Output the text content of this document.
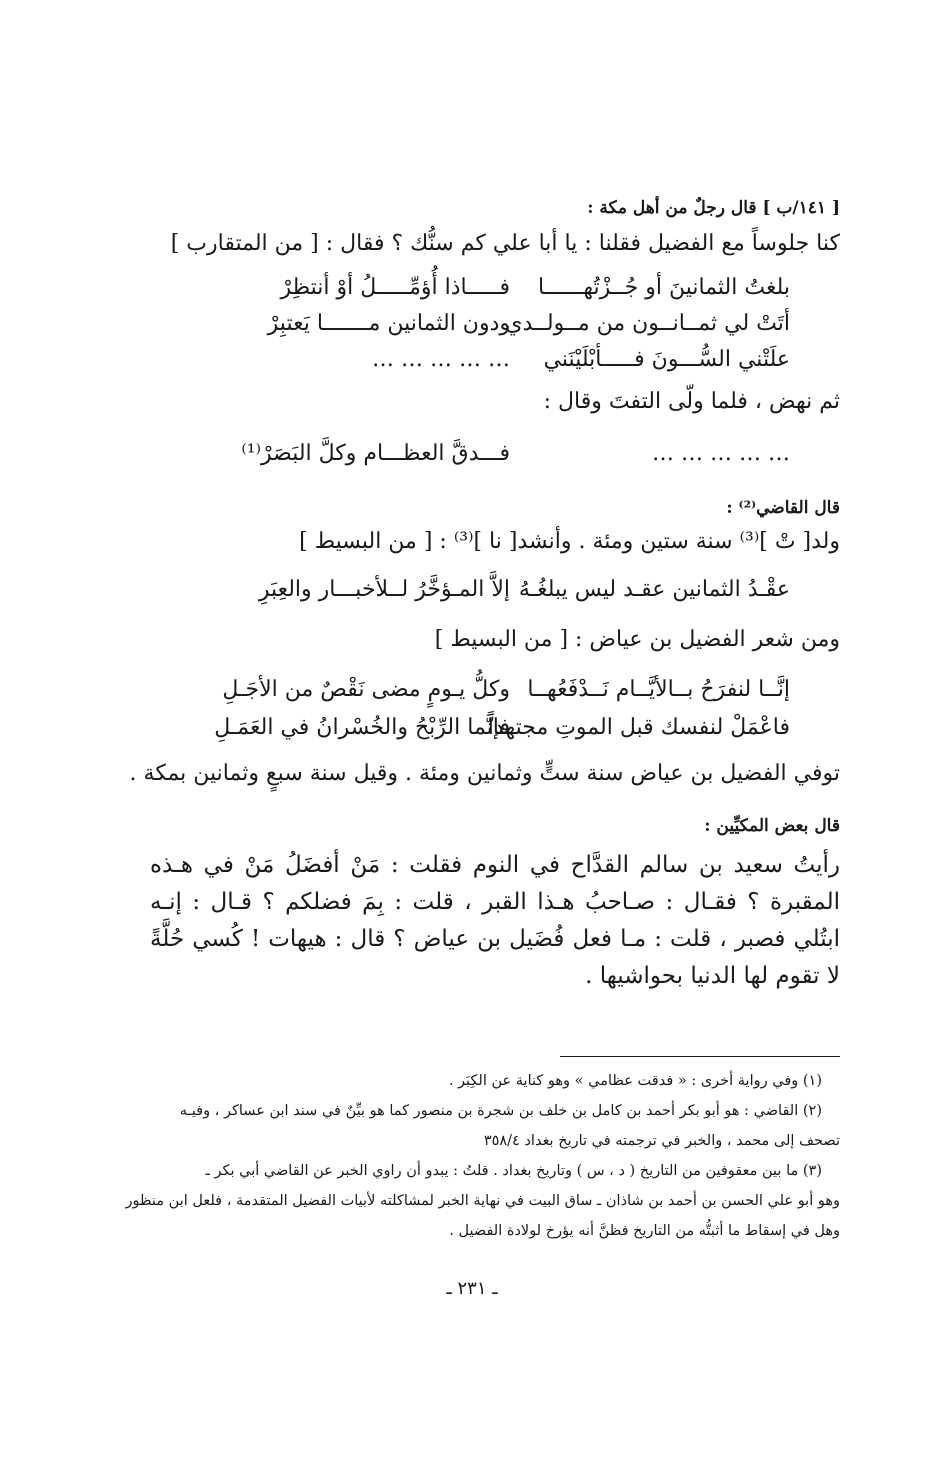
[ ١٤١/ب ] قال رجلٌ من أهل مكة :
كنا جلوساً مع الفضيل فقلنا : يا أبا علي كم سنُّك ؟ فقال : [ من المتقارب ]
بلغتُ الثمانينَ أو جُــزْتُهــــــا
فـــــاذا أُؤمِّـــــلُ أوْ أنتظِرْ
أتَتْ لي ثمــانــون من مــولــدي
ودون الثمانين مـــــــا يَعتبِرْ
علَتْني السُّـــونَ فـــــأبْلَيْنَني
… … … … …
ثم نهض ، فلما ولّى التفتَ وقال :
… … … … …
فـــدقَّ العظـــام وكلَّ البَصَرْ⁽¹⁾
قال القاضي⁽²⁾ :
ولد[ تْ ]⁽³⁾ سنة ستين ومئة . وأنشد[ نا ]⁽³⁾ : [ من البسيط ]
عقْـدُ الثمانين عقـد ليس يبلغُـهُ
إلاَّ المـؤخَّرُ لــلأخبـــار والعِبَرِ
ومن شعر الفضيل بن عياض : [ من البسيط ]
إنَّــا لنفرَحُ بــالأيَّــام نَــدْفَعُهــا
وكلُّ يـومٍ مضى نَقْصٌ من الأجَـلِ
فاعْمَلْ لنفسك قبل الموتِ مجتهداً
فإنَّما الرِّبْحُ والخُسْرانُ في العَمَـلِ
توفي الفضيل بن عياض سنة ستٍّ وثمانين ومئة . وقيل سنة سبعٍ وثمانين بمكة .
قال بعض المكيِّين :
رأيتُ سعيد بن سالم القدَّاح في النوم فقلت : مَنْ أفضَلُ مَنْ في هـذه المقبرة ؟ فقـال : صـاحبُ هـذا القبر ، قلت : بِمَ فضلكم ؟ قـال : إنـه ابتُلي فصبر ، قلت : مـا فعل فُضَيل بن عياض ؟ قال : هيهات ! كُسي حُلَّةً لا تقوم لها الدنيا بحواشيها .
(١) وفي رواية أخرى : « فدقت عظامي » وهو كناية عن الكِبَر .
(٢) القاضي : هو أبو بكر أحمد بن كامل بن خلف بن شجرة بن منصور كما هو بيِّنٌ في سند ابن عساكر ، وفيـه
تصحف إلى محمد ، والخبر في ترجمته في تاريخ بغداد ٣٥٨/٤
(٣) ما بين معقوفين من التاريخ ( د ، س ) وتاريخ بغداد . قلتُ : يبدو أن راوي الخبر عن القاضي أبي بكر ـ
وهو أبو علي الحسن بن أحمد بن شاذان ـ ساق البيت في نهاية الخبر لمشاكلته لأبيات الفضيل المتقدمة ، فلعل ابن منظور
وهل في إسقاط ما أثبتُّه من التاريخ فظنَّ أنه يؤرخ لولادة الفضيل .
ـ ٢٣١ ـ
